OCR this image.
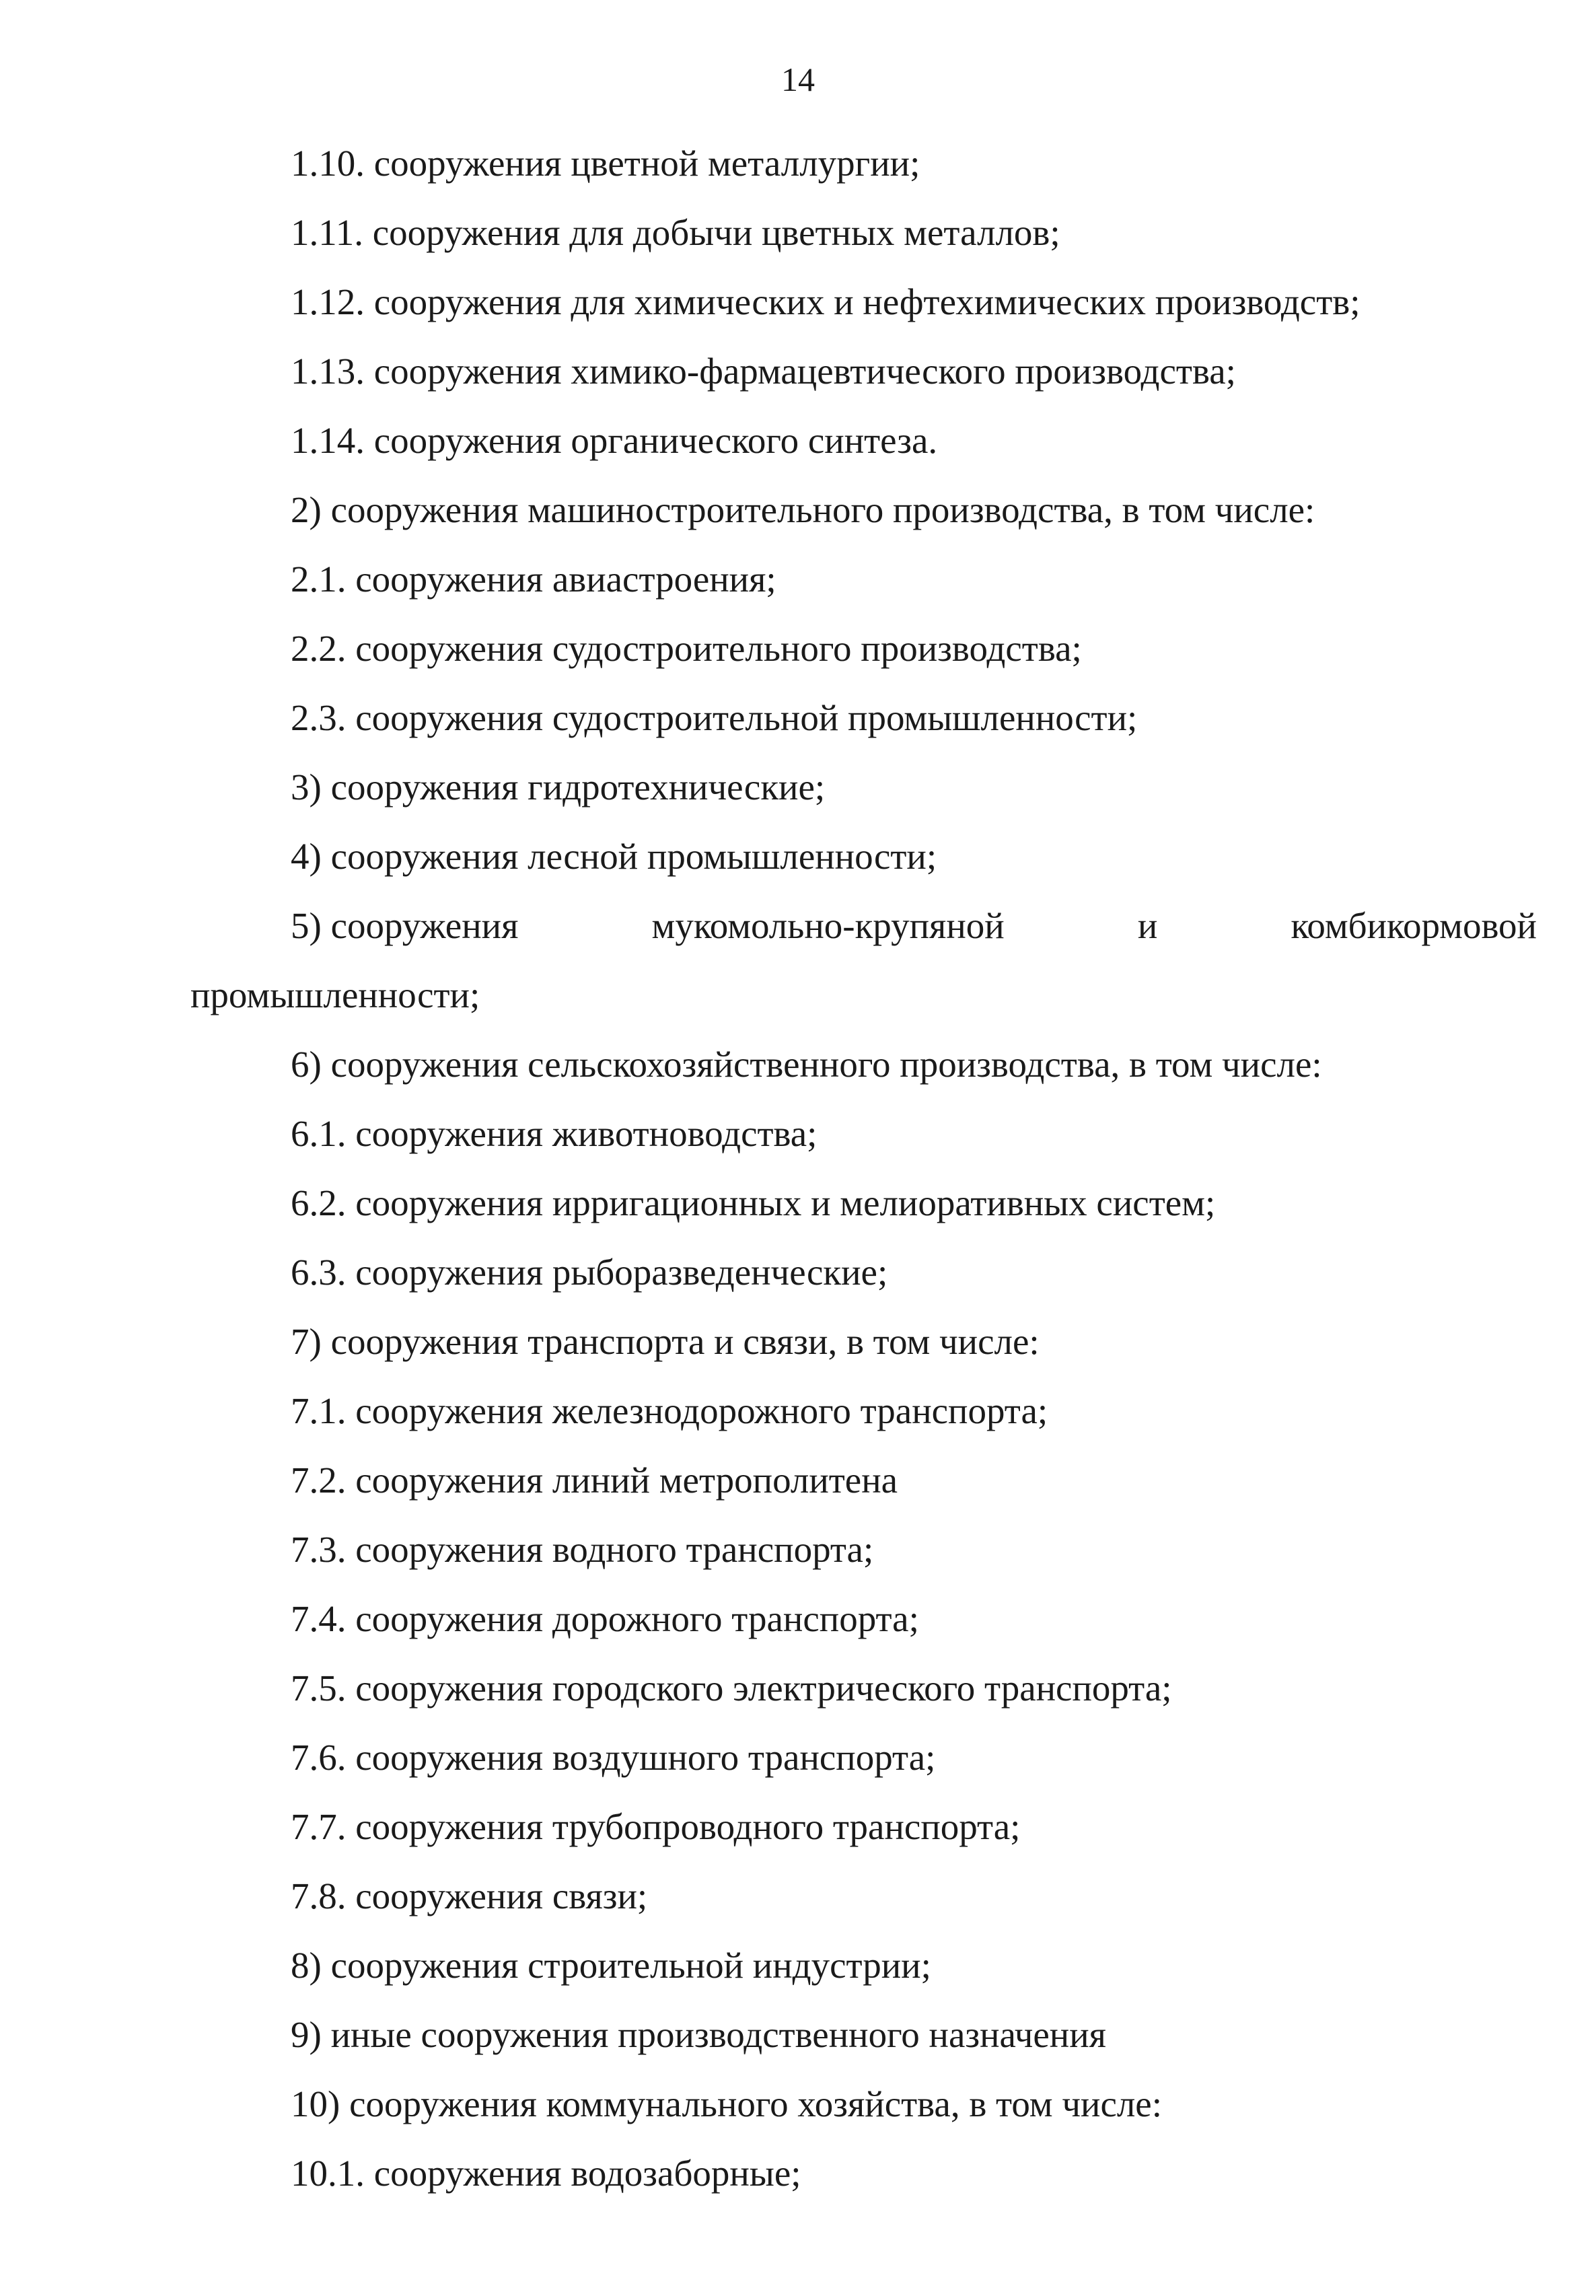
14
1.10. сооружения цветной металлургии;
1.11. сооружения для добычи цветных металлов;
1.12. сооружения для химических и нефтехимических производств;
1.13. сооружения химико-фармацевтического производства;
1.14. сооружения органического синтеза.
2) сооружения машиностроительного производства, в том числе:
2.1. сооружения авиастроения;
2.2. сооружения судостроительного производства;
2.3. сооружения судостроительной промышленности;
3) сооружения гидротехнические;
4) сооружения лесной промышленности;
5) сооружения	мукомольно-крупяной	и	комбикормовой
промышленности;
6) сооружения сельскохозяйственного производства, в том числе:
6.1. сооружения животноводства;
6.2. сооружения ирригационных и мелиоративных систем;
6.3. сооружения рыборазведенческие;
7) сооружения транспорта и связи, в том числе:
7.1. сооружения железнодорожного транспорта;
7.2. сооружения линий метрополитена
7.3. сооружения водного транспорта;
7.4. сооружения дорожного транспорта;
7.5. сооружения городского электрического транспорта;
7.6. сооружения воздушного транспорта;
7.7. сооружения трубопроводного транспорта;
7.8. сооружения связи;
8) сооружения строительной индустрии;
9) иные сооружения производственного назначения
10) сооружения коммунального хозяйства, в том числе:
10.1. сооружения водозаборные;
